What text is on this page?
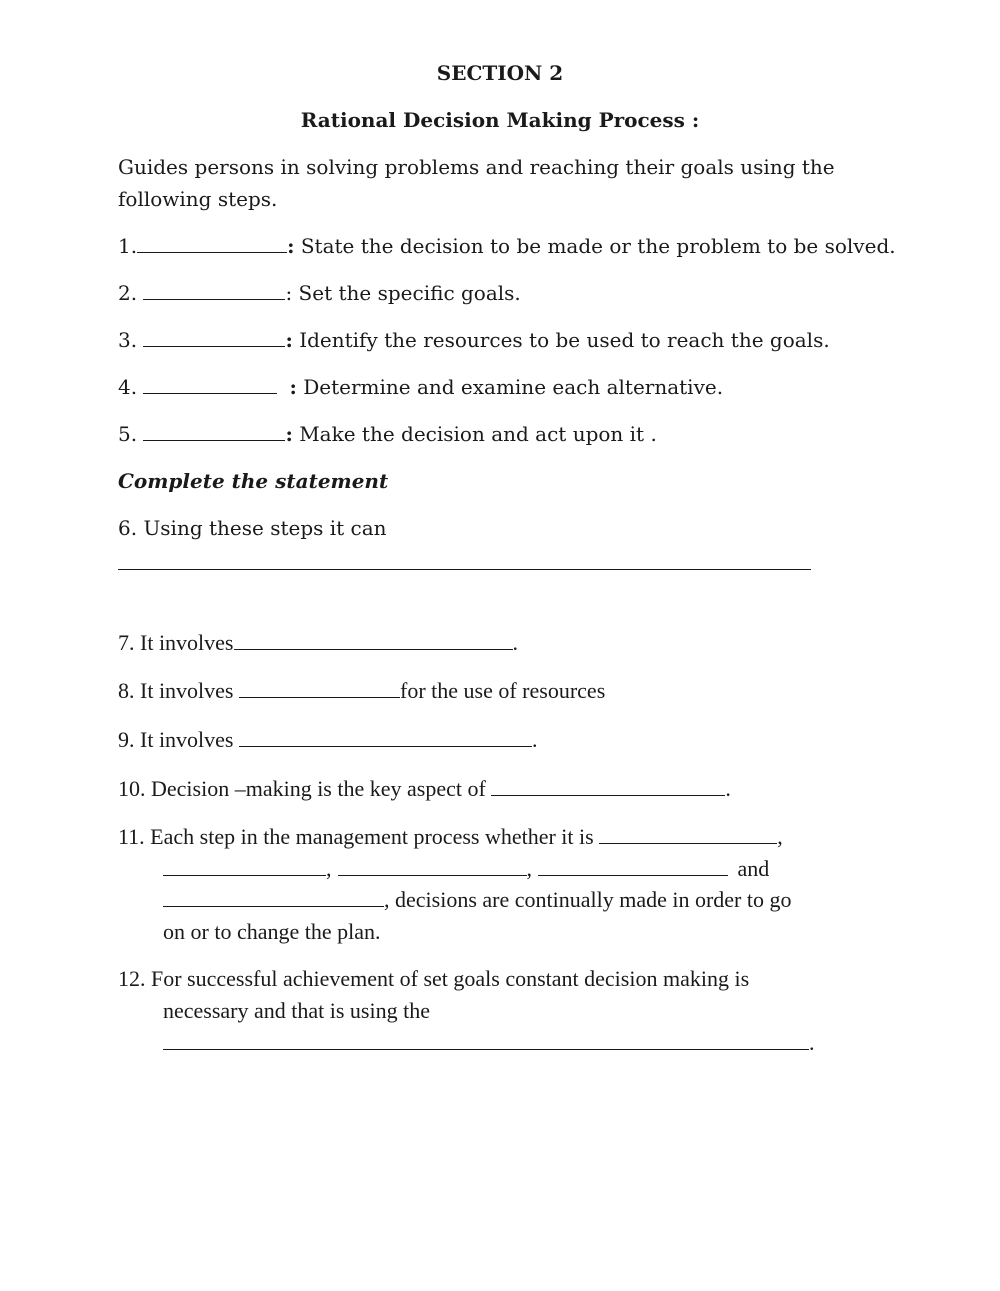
SECTION 2
Rational Decision Making Process :
Guides persons in solving problems and reaching their goals using the
following steps.
1.	: State the decision to be made or the problem to be solved.
2.	: Set the specific goals.
3.	: Identify the resources to be used to reach the goals.
4.	: Determine and examine each alternative.
5.	: Make the decision and act upon it .
Complete the statement
6. Using these steps it can
7. It involves	.
8. It involves	for the use of resources
9. It involves	.
10. Decision –making is the key aspect of	.
11. Each step in the management process whether it is	,
,	,	and
, decisions are continually made in order to go
on or to change the plan.
12. For successful achievement of set goals constant decision making is
necessary and that is using the
.
